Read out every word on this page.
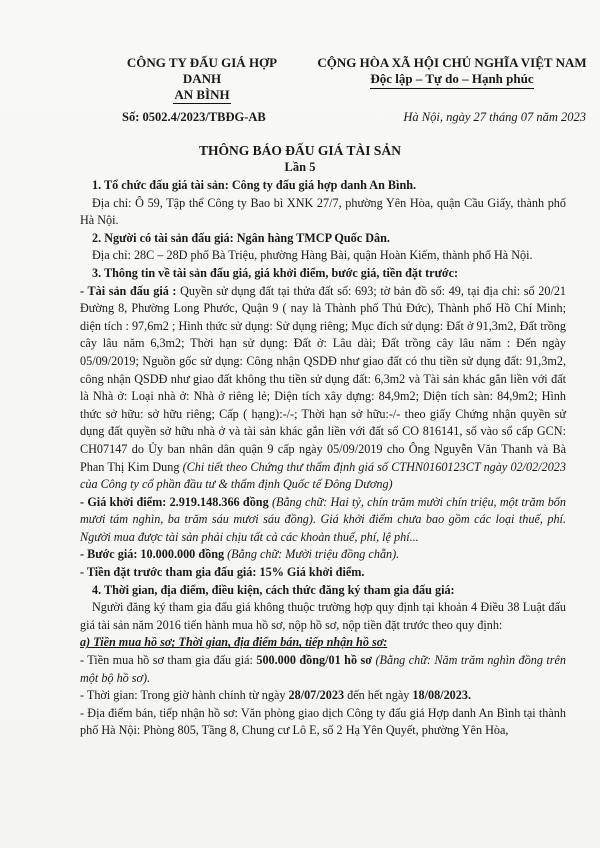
CÔNG TY ĐẤU GIÁ HỢP DANH
AN BÌNH
CỘNG HÒA XÃ HỘI CHỦ NGHĨA VIỆT NAM
Độc lập – Tự do – Hạnh phúc
Số: 0502.4/2023/TBĐG-AB	Hà Nội, ngày 27 tháng 07 năm 2023
THÔNG BÁO ĐẤU GIÁ TÀI SẢN
Lần 5

1. Tổ chức đấu giá tài sản: Công ty đấu giá hợp danh An Bình.

Địa chỉ: Ô 59, Tập thể Công ty Bao bì XNK 27/7, phường Yên Hòa, quận Cầu Giấy, thành phố Hà Nội.

2. Người có tài sản đấu giá: Ngân hàng TMCP Quốc Dân.

Địa chỉ: 28C – 28D phố Bà Triệu, phường Hàng Bài, quận Hoàn Kiếm, thành phố Hà Nội.

3. Thông tin về tài sản đấu giá, giá khởi điểm, bước giá, tiền đặt trước:

- Tài sản đấu giá : Quyền sử dụng đất tại thửa đất số: 693; tờ bản đồ số: 49, tại địa chỉ: số 20/21 Đường 8, Phường Long Phước, Quận 9 ( nay là Thành phố Thủ Đức), Thành phố Hồ Chí Minh; diện tích : 97,6m2 ; Hình thức sử dụng: Sử dụng riêng; Mục đích sử dụng: Đất ở 91,3m2, Đất trồng cây lâu năm 6,3m2; Thời hạn sử dụng: Đất ở: Lâu dài; Đất trồng cây lâu năm : Đến ngày 05/09/2019; Nguồn gốc sử dụng: Công nhận QSDĐ như giao đất có thu tiền sử dụng đất: 91,3m2, công nhận QSDĐ như giao đất không thu tiền sử dụng đất: 6,3m2 và Tài sản khác gắn liền với đất là Nhà ở: Loại nhà ở: Nhà ở riêng lẻ; Diện tích xây dựng: 84,9m2; Diện tích sàn: 84,9m2; Hình thức sở hữu: sở hữu riêng; Cấp ( hạng):-/-; Thời hạn sở hữu:-/- theo giấy Chứng nhận quyền sử dụng đất quyền sở hữu nhà ở và tài sản khác gắn liền với đất số CO 816141, số vào sổ cấp GCN: CH07147 do Ủy ban nhân dân quận 9 cấp ngày 05/09/2019 cho Ông Nguyễn Văn Thanh và Bà Phan Thị Kim Dung (Chi tiết theo Chứng thư thẩm định giá số CTHN0160123CT ngày 02/02/2023 của Công ty cổ phần đầu tư & thẩm định Quốc tế Đông Dương)

- Giá khởi điểm: 2.919.148.366 đồng (Bằng chữ: Hai tỷ, chín trăm mười chín triệu, một trăm bốn mươi tám nghìn, ba trăm sáu mươi sáu đồng). Giá khởi điểm chưa bao gồm các loại thuế, phí. Người mua được tài sản phải chịu tất cả các khoản thuế, phí, lệ phí...

- Bước giá: 10.000.000 đồng (Bằng chữ: Mười triệu đồng chẵn).

- Tiền đặt trước tham gia đấu giá: 15% Giá khởi điểm.

4. Thời gian, địa điểm, điều kiện, cách thức đăng ký tham gia đấu giá:

Người đăng ký tham gia đấu giá không thuộc trường hợp quy định tại khoản 4 Điều 38 Luật đấu giá tài sản năm 2016 tiến hành mua hồ sơ, nộp hồ sơ, nộp tiền đặt trước theo quy định:

a) Tiền mua hồ sơ; Thời gian, địa điểm bán, tiếp nhận hồ sơ:

- Tiền mua hồ sơ tham gia đấu giá: 500.000 đồng/01 hồ sơ (Bằng chữ: Năm trăm nghìn đồng trên một bộ hồ sơ).

- Thời gian: Trong giờ hành chính từ ngày 28/07/2023 đến hết ngày 18/08/2023.

- Địa điểm bán, tiếp nhận hồ sơ: Văn phòng giao dịch Công ty đấu giá Hợp danh An Bình tại thành phố Hà Nội: Phòng 805, Tầng 8, Chung cư Lô E, số 2 Hạ Yên Quyết, phường Yên Hòa,
